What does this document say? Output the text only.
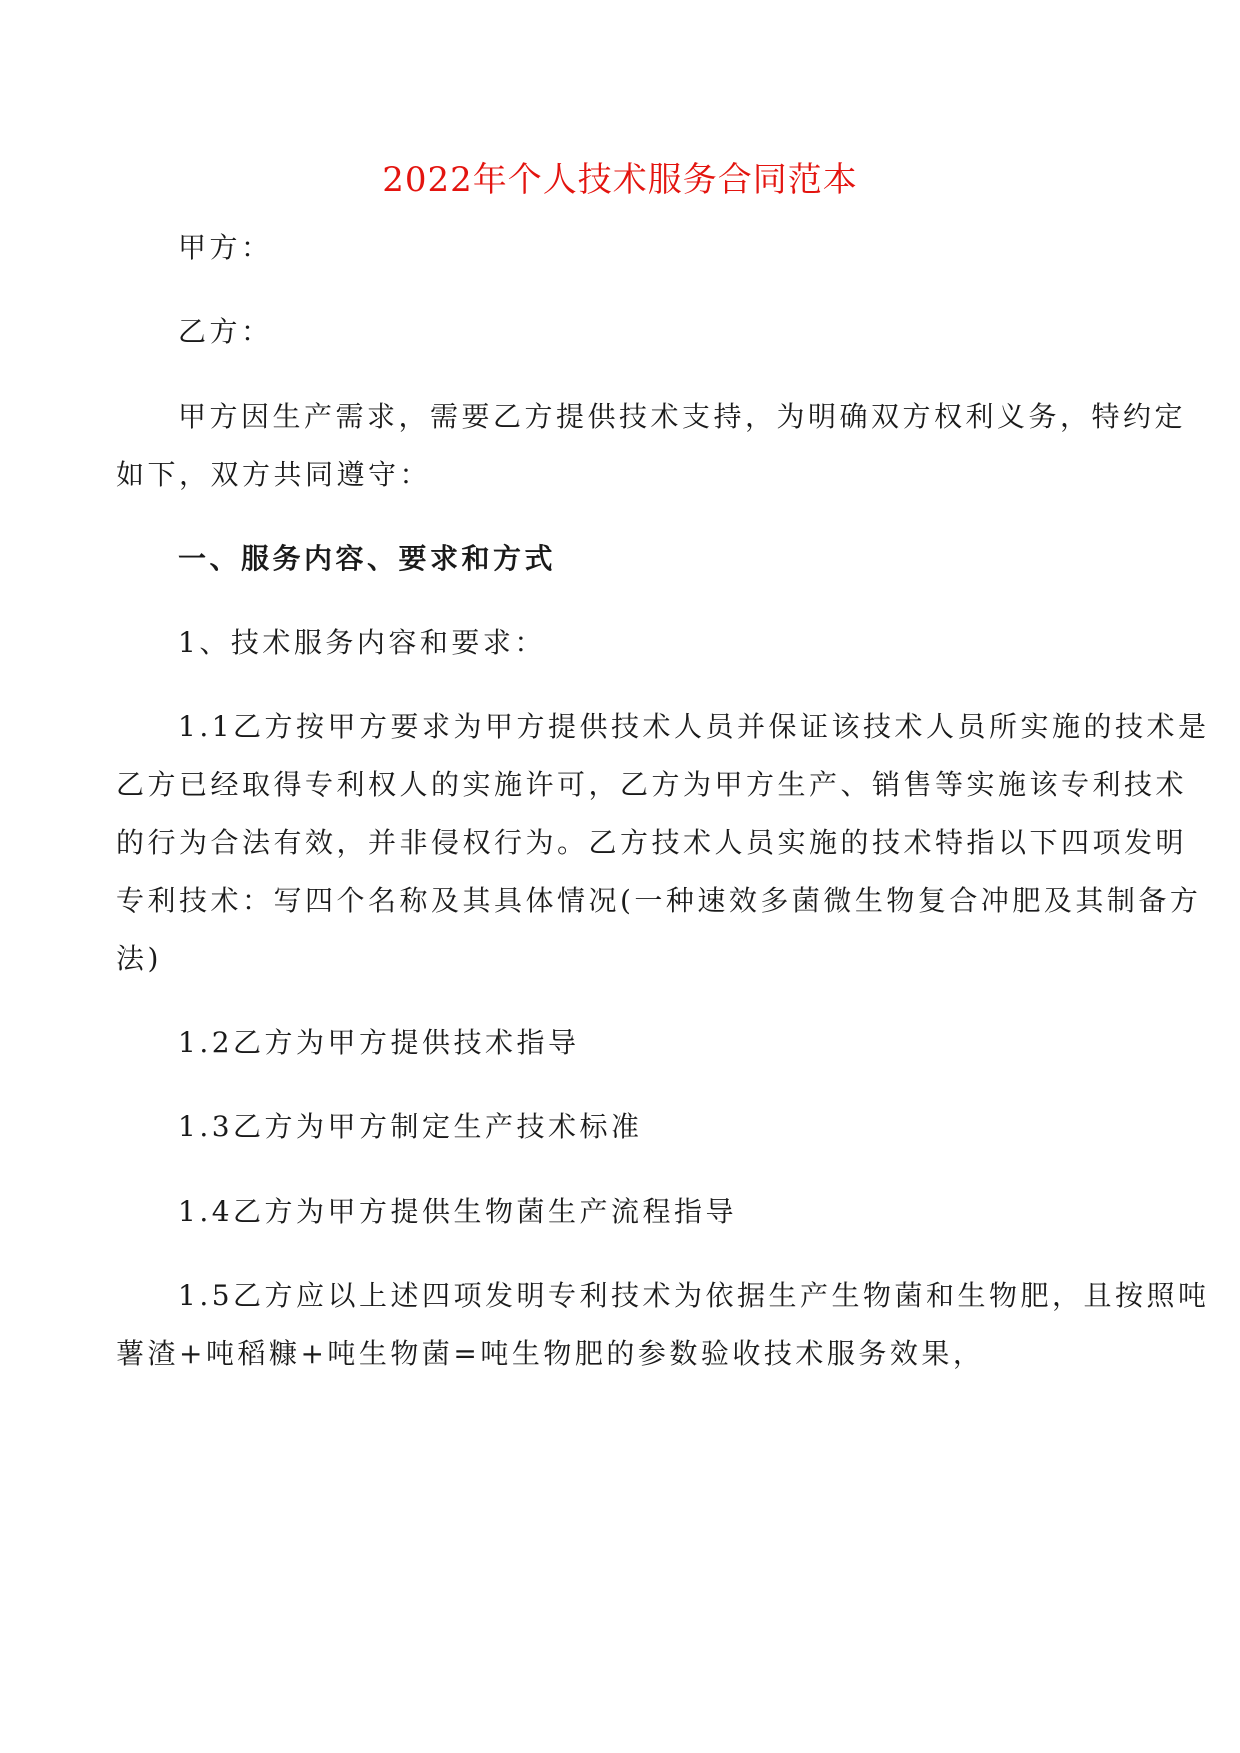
2022年个人技术服务合同范本
甲方：
乙方：
甲方因生产需求，需要乙方提供技术支持，为明确双方权利义务，特约定
如下，双方共同遵守：
一、服务内容、要求和方式
1、技术服务内容和要求：
1.1乙方按甲方要求为甲方提供技术人员并保证该技术人员所实施的技术是
乙方已经取得专利权人的实施许可，乙方为甲方生产、销售等实施该专利技术
的行为合法有效，并非侵权行为。乙方技术人员实施的技术特指以下四项发明
专利技术：写四个名称及其具体情况(一种速效多菌微生物复合冲肥及其制备方
法)
1.2乙方为甲方提供技术指导
1.3乙方为甲方制定生产技术标准
1.4乙方为甲方提供生物菌生产流程指导
1.5乙方应以上述四项发明专利技术为依据生产生物菌和生物肥，且按照吨
薯渣+吨稻糠+吨生物菌=吨生物肥的参数验收技术服务效果，
